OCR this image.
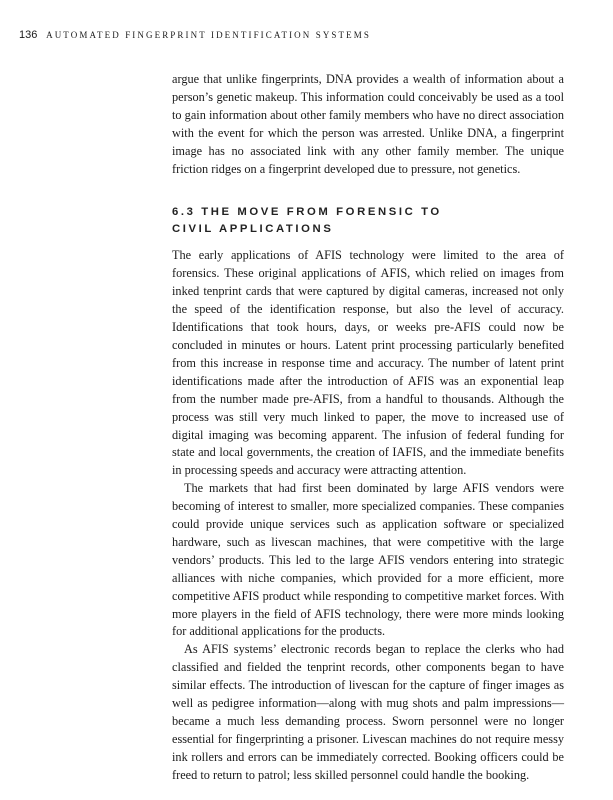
136 AUTOMATED FINGERPRINT IDENTIFICATION SYSTEMS

argue that unlike fingerprints, DNA provides a wealth of information about a person’s genetic makeup. This information could conceivably be used as a tool to gain information about other family members who have no direct association with the event for which the person was arrested. Unlike DNA, a fingerprint image has no associated link with any other family member. The unique friction ridges on a fingerprint developed due to pressure, not genetics.

6.3 THE MOVE FROM FORENSIC TO
CIVIL APPLICATIONS

The early applications of AFIS technology were limited to the area of forensics. These original applications of AFIS, which relied on images from inked tenprint cards that were captured by digital cameras, increased not only the speed of the identification response, but also the level of accuracy. Identifications that took hours, days, or weeks pre-AFIS could now be concluded in minutes or hours. Latent print processing particularly benefited from this increase in response time and accuracy. The number of latent print identifications made after the introduction of AFIS was an exponential leap from the number made pre-AFIS, from a handful to thousands. Although the process was still very much linked to paper, the move to increased use of digital imaging was becoming apparent. The infusion of federal funding for state and local governments, the creation of IAFIS, and the immediate benefits in processing speeds and accuracy were attracting attention.

The markets that had first been dominated by large AFIS vendors were becoming of interest to smaller, more specialized companies. These companies could provide unique services such as application software or specialized hardware, such as livescan machines, that were competitive with the large vendors’ products. This led to the large AFIS vendors entering into strategic alliances with niche companies, which provided for a more efficient, more competitive AFIS product while responding to competitive market forces. With more players in the field of AFIS technology, there were more minds looking for additional applications for the products.

As AFIS systems’ electronic records began to replace the clerks who had classified and fielded the tenprint records, other components began to have similar effects. The introduction of livescan for the capture of finger images as well as pedigree information—along with mug shots and palm impressions—became a much less demanding process. Sworn personnel were no longer essential for fingerprinting a prisoner. Livescan machines do not require messy ink rollers and errors can be immediately corrected. Booking officers could be freed to return to patrol; less skilled personnel could handle the booking.
